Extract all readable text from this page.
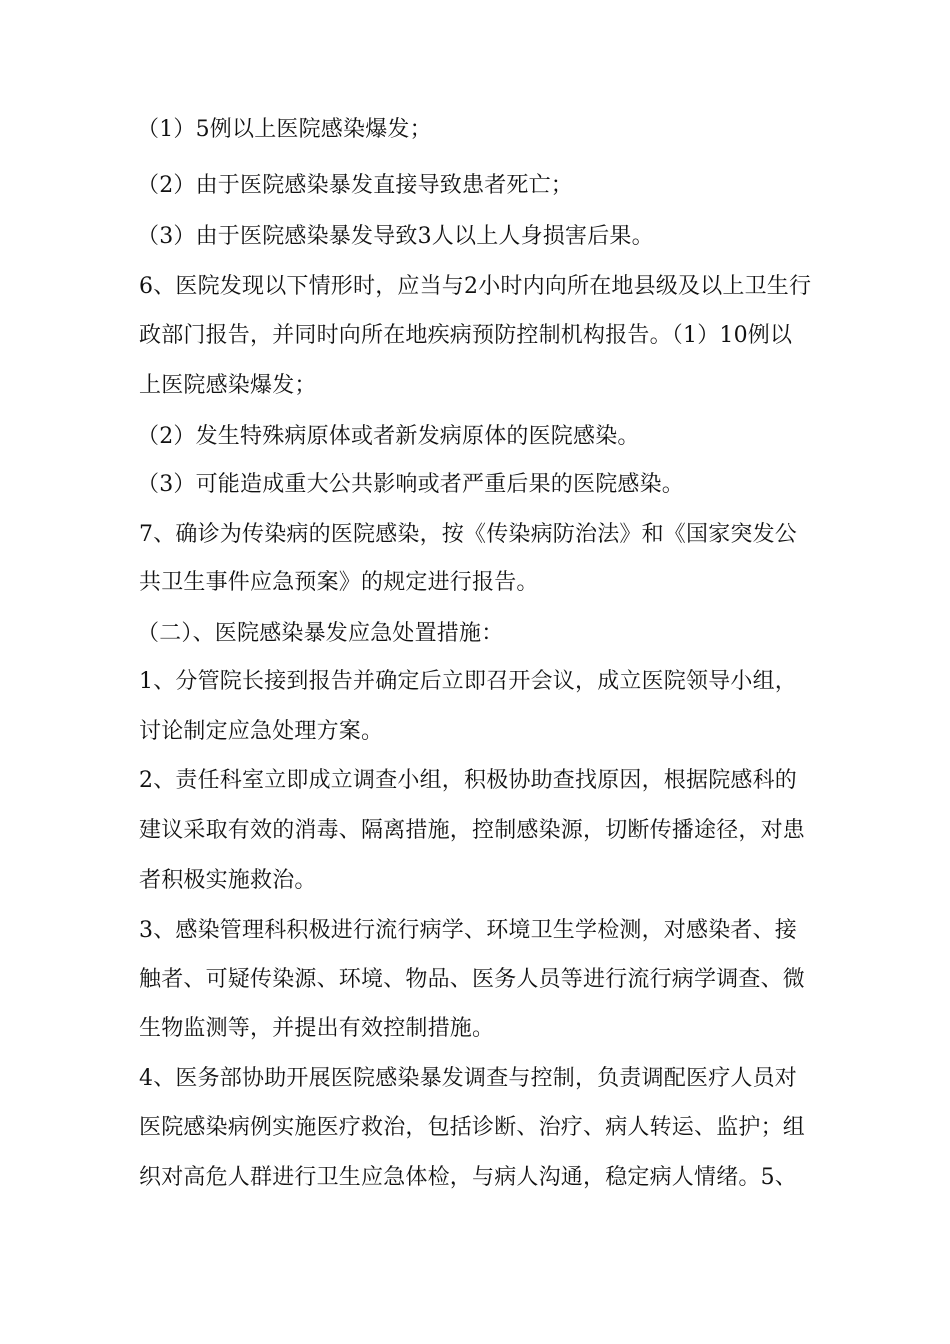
（1）5例以上医院感染爆发；
（2）由于医院感染暴发直接导致患者死亡；
（3）由于医院感染暴发导致3人以上人身损害后果。
6、医院发现以下情形时，应当与2小时内向所在地县级及以上卫生行
政部门报告，并同时向所在地疾病预防控制机构报告。（1）10例以
上医院感染爆发；
（2）发生特殊病原体或者新发病原体的医院感染。
（3）可能造成重大公共影响或者严重后果的医院感染。
7、确诊为传染病的医院感染，按《传染病防治法》和《国家突发公
共卫生事件应急预案》的规定进行报告。
（二）、医院感染暴发应急处置措施：
1、分管院长接到报告并确定后立即召开会议，成立医院领导小组，
讨论制定应急处理方案。
2、责任科室立即成立调查小组，积极协助查找原因，根据院感科的
建议采取有效的消毒、隔离措施，控制感染源，切断传播途径，对患
者积极实施救治。
3、感染管理科积极进行流行病学、环境卫生学检测，对感染者、接
触者、可疑传染源、环境、物品、医务人员等进行流行病学调查、微
生物监测等，并提出有效控制措施。
4、医务部协助开展医院感染暴发调查与控制，负责调配医疗人员对
医院感染病例实施医疗救治，包括诊断、治疗、病人转运、监护；组
织对高危人群进行卫生应急体检，与病人沟通，稳定病人情绪。5、
